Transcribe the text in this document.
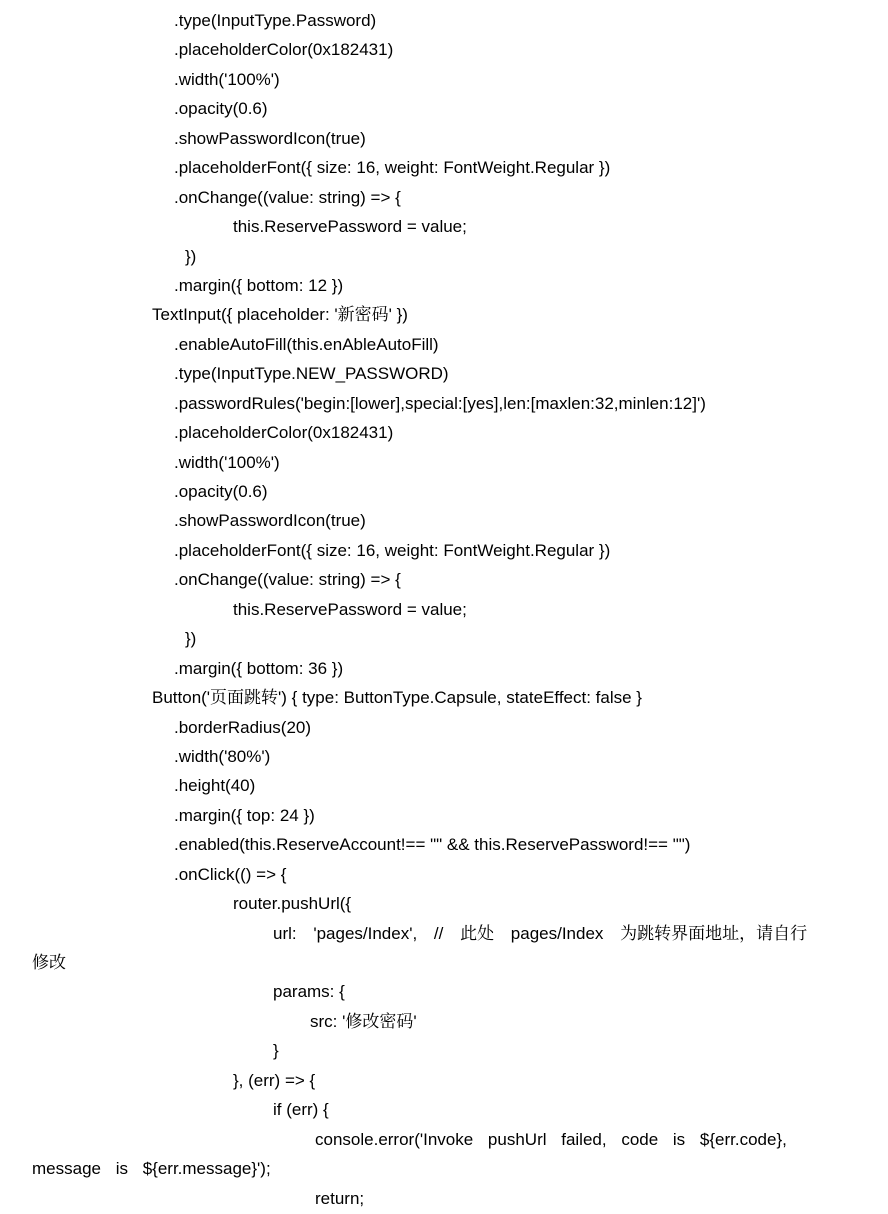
.type(InputType.Password)
.placeholderColor(0x182431)
.width('100%')
.opacity(0.6)
.showPasswordIcon(true)
.placeholderFont({ size: 16, weight: FontWeight.Regular })
.onChange((value: string) => {
this.ReservePassword = value;
})
.margin({ bottom: 12 })
TextInput({ placeholder: '新密码' })
.enableAutoFill(this.enAbleAutoFill)
.type(InputType.NEW_PASSWORD)
.passwordRules('begin:[lower],special:[yes],len:[maxlen:32,minlen:12]')
.placeholderColor(0x182431)
.width('100%')
.opacity(0.6)
.showPasswordIcon(true)
.placeholderFont({ size: 16, weight: FontWeight.Regular })
.onChange((value: string) => {
this.ReservePassword = value;
})
.margin({ bottom: 36 })
Button('页面跳转') { type: ButtonType.Capsule, stateEffect: false }
.borderRadius(20)
.width('80%')
.height(40)
.margin({ top: 24 })
.enabled(this.ReserveAccount!== "" && this.ReservePassword!== "")
.onClick(() => {
router.pushUrl({
url: 'pages/Index', // 此处 pages/Index 为跳转界面地址，请自行
修改
params: {
src: '修改密码'
}
}, (err) => {
if (err) {
console.error('Invoke pushUrl failed, code is ${err.code},
message is ${err.message}');
return;
